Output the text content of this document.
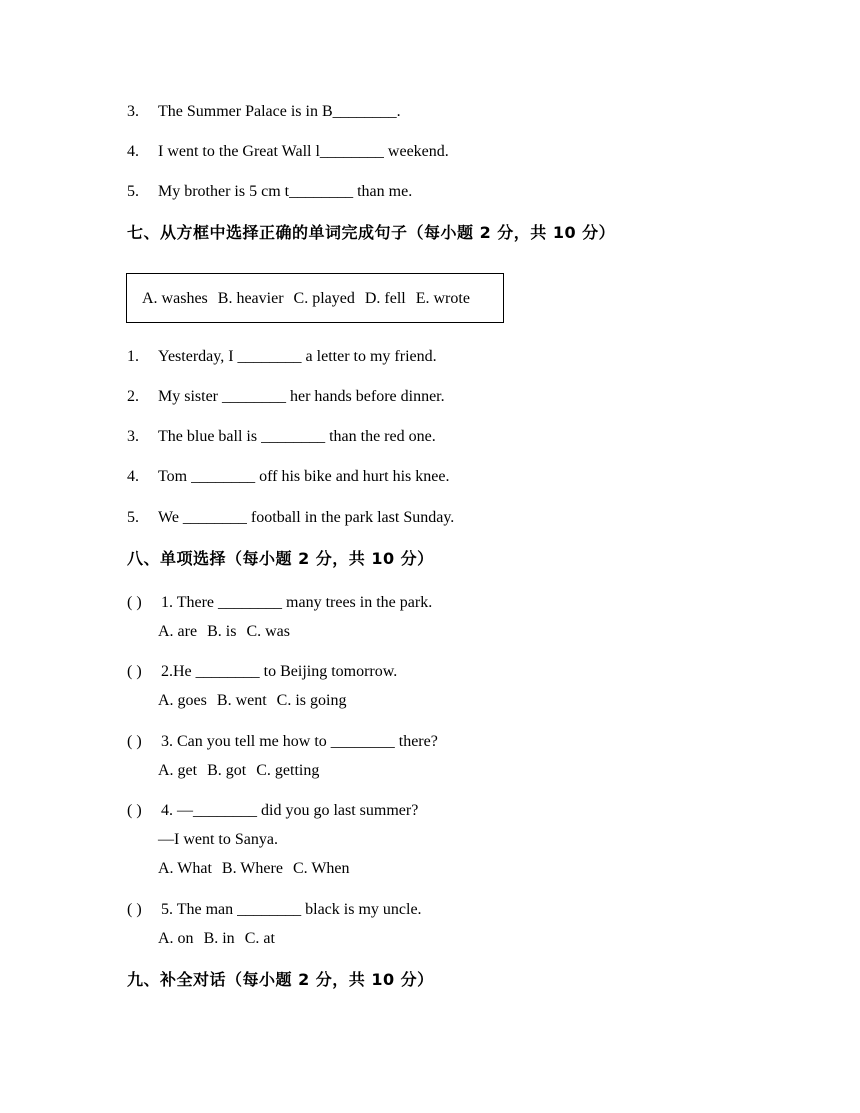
3. The Summer Palace is in B________.
4. I went to the Great Wall l________ weekend.
5. My brother is 5 cm t________ than me.
七、从方框中选择正确的单词完成句子（每小题 2 分，共 10 分）
A. washes B. heavier C. played D. fell E. wrote
1. Yesterday, I ________ a letter to my friend.
2. My sister ________ her hands before dinner.
3. The blue ball is ________ than the red one.
4. Tom ________ off his bike and hurt his knee.
5. We ________ football in the park last Sunday.
八、单项选择（每小题 2 分，共 10 分）
( ) 1. There ________ many trees in the park.
A. are B. is C. was
( ) 2.He ________ to Beijing tomorrow.
A. goes B. went C. is going
( ) 3. Can you tell me how to ________ there?
A. get B. got C. getting
( ) 4. —________ did you go last summer?
—I went to Sanya.
A. What B. Where C. When
( ) 5. The man ________ black is my uncle.
A. on B. in C. at
九、补全对话（每小题 2 分，共 10 分）
